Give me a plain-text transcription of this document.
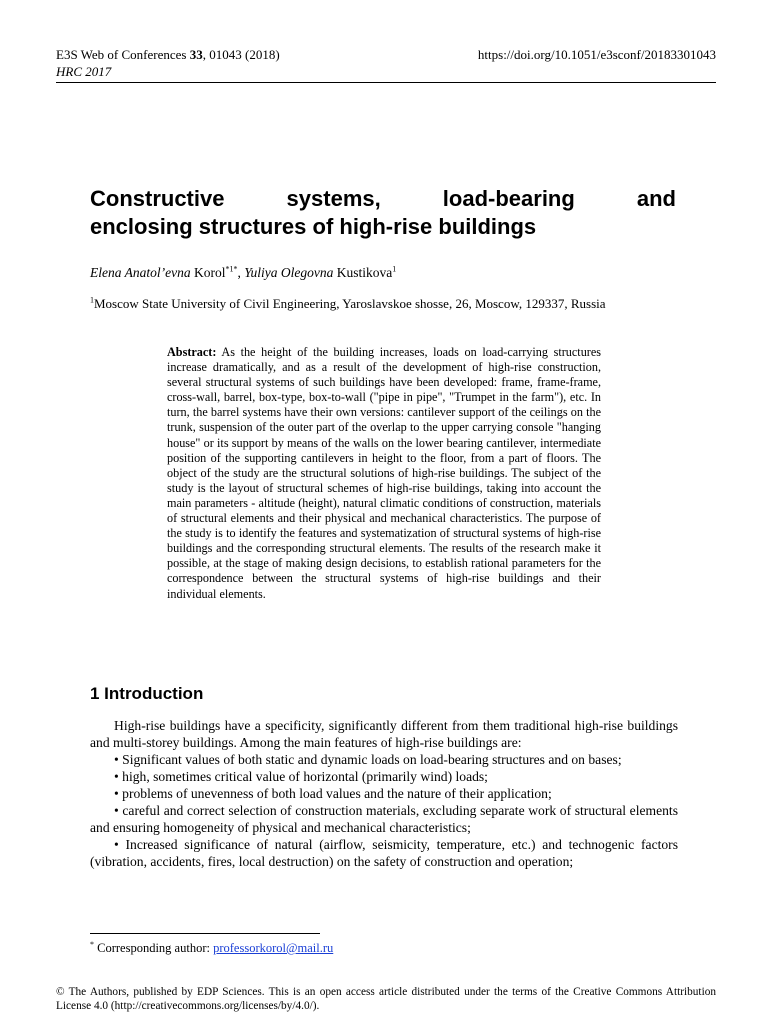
E3S Web of Conferences 33, 01043 (2018)
HRC 2017
https://doi.org/10.1051/e3sconf/20183301043
Constructive systems, load-bearing and
enclosing structures of high-rise buildings
Elena Anatol’evna Korol$^{*1*}$, Yuliya Olegovna Kustikova$^1$
$^1$Moscow State University of Civil Engineering, Yaroslavskoe shosse, 26, Moscow, 129337, Russia
Abstract: As the height of the building increases, loads on load-carrying structures increase dramatically, and as a result of the development of high-rise construction, several structural systems of such buildings have been developed: frame, frame-frame, cross-wall, barrel, box-type, box-to-wall ("pipe in pipe", "Trumpet in the farm"), etc. In turn, the barrel systems have their own versions: cantilever support of the ceilings on the trunk, suspension of the outer part of the overlap to the upper carrying console "hanging house" or its support by means of the walls on the lower bearing cantilever, intermediate position of the supporting cantilevers in height to the floor, from a part of floors. The object of the study are the structural solutions of high-rise buildings. The subject of the study is the layout of structural schemes of high-rise buildings, taking into account the main parameters - altitude (height), natural climatic conditions of construction, materials of structural elements and their physical and mechanical characteristics. The purpose of the study is to identify the features and systematization of structural systems of high-rise buildings and the corresponding structural elements. The results of the research make it possible, at the stage of making design decisions, to establish rational parameters for the correspondence between the structural systems of high-rise buildings and their individual elements.
1 Introduction

High-rise buildings have a specificity, significantly different from them traditional high-rise buildings and multi-storey buildings. Among the main features of high-rise buildings are:

• Significant values of both static and dynamic loads on load-bearing structures and on bases;

• high, sometimes critical value of horizontal (primarily wind) loads;

• problems of unevenness of both load values and the nature of their application;

• careful and correct selection of construction materials, excluding separate work of structural elements and ensuring homogeneity of physical and mechanical characteristics;

• Increased significance of natural (airflow, seismicity, temperature, etc.) and technogenic factors (vibration, accidents, fires, local destruction) on the safety of construction and operation;

* Corresponding author: professorkorol@mail.ru
© The Authors, published by EDP Sciences. This is an open access article distributed under the terms of the Creative Commons Attribution License 4.0 (http://creativecommons.org/licenses/by/4.0/).
